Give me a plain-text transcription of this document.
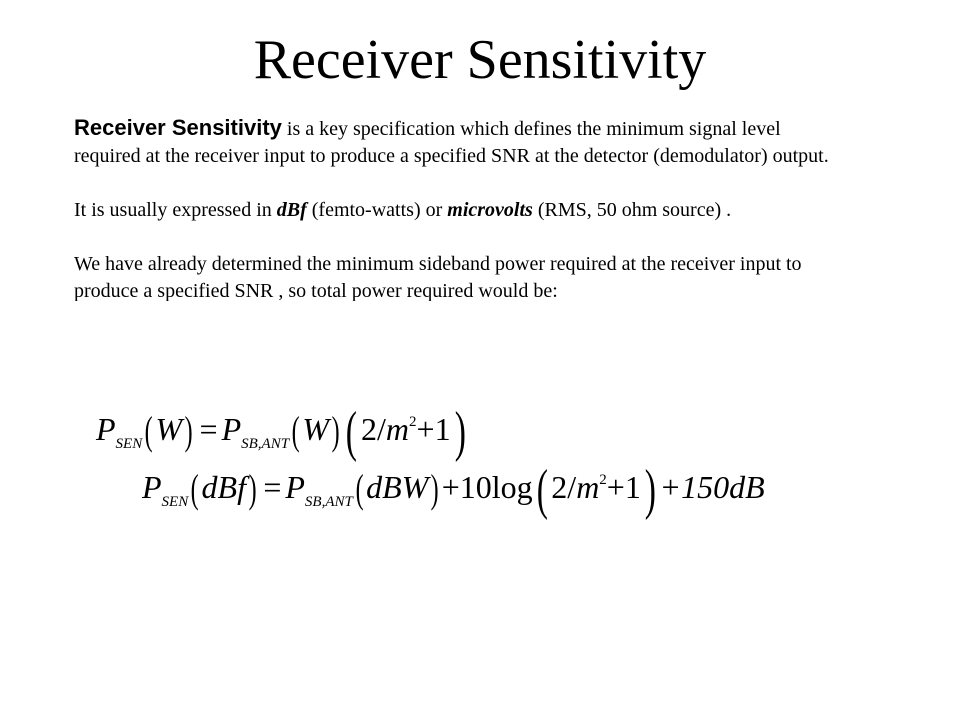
Receiver Sensitivity

Receiver Sensitivity is a key specification which defines the minimum signal level required at the receiver input to produce a specified SNR at the detector (demodulator) output.

It is usually expressed in dBf (femto-watts) or microvolts (RMS, 50 ohm source) .

We have already determined the minimum sideband power required at the receiver input to produce a specified SNR , so total power required would be:

$P_{SEN}(W) = P_{SB,ANT}(W)$ ( $2/m^2+1$)
$P_{SEN}(dBf) = P_{SB,ANT}(dBW)+10\log$( $2/m^2+1) +150dB$
